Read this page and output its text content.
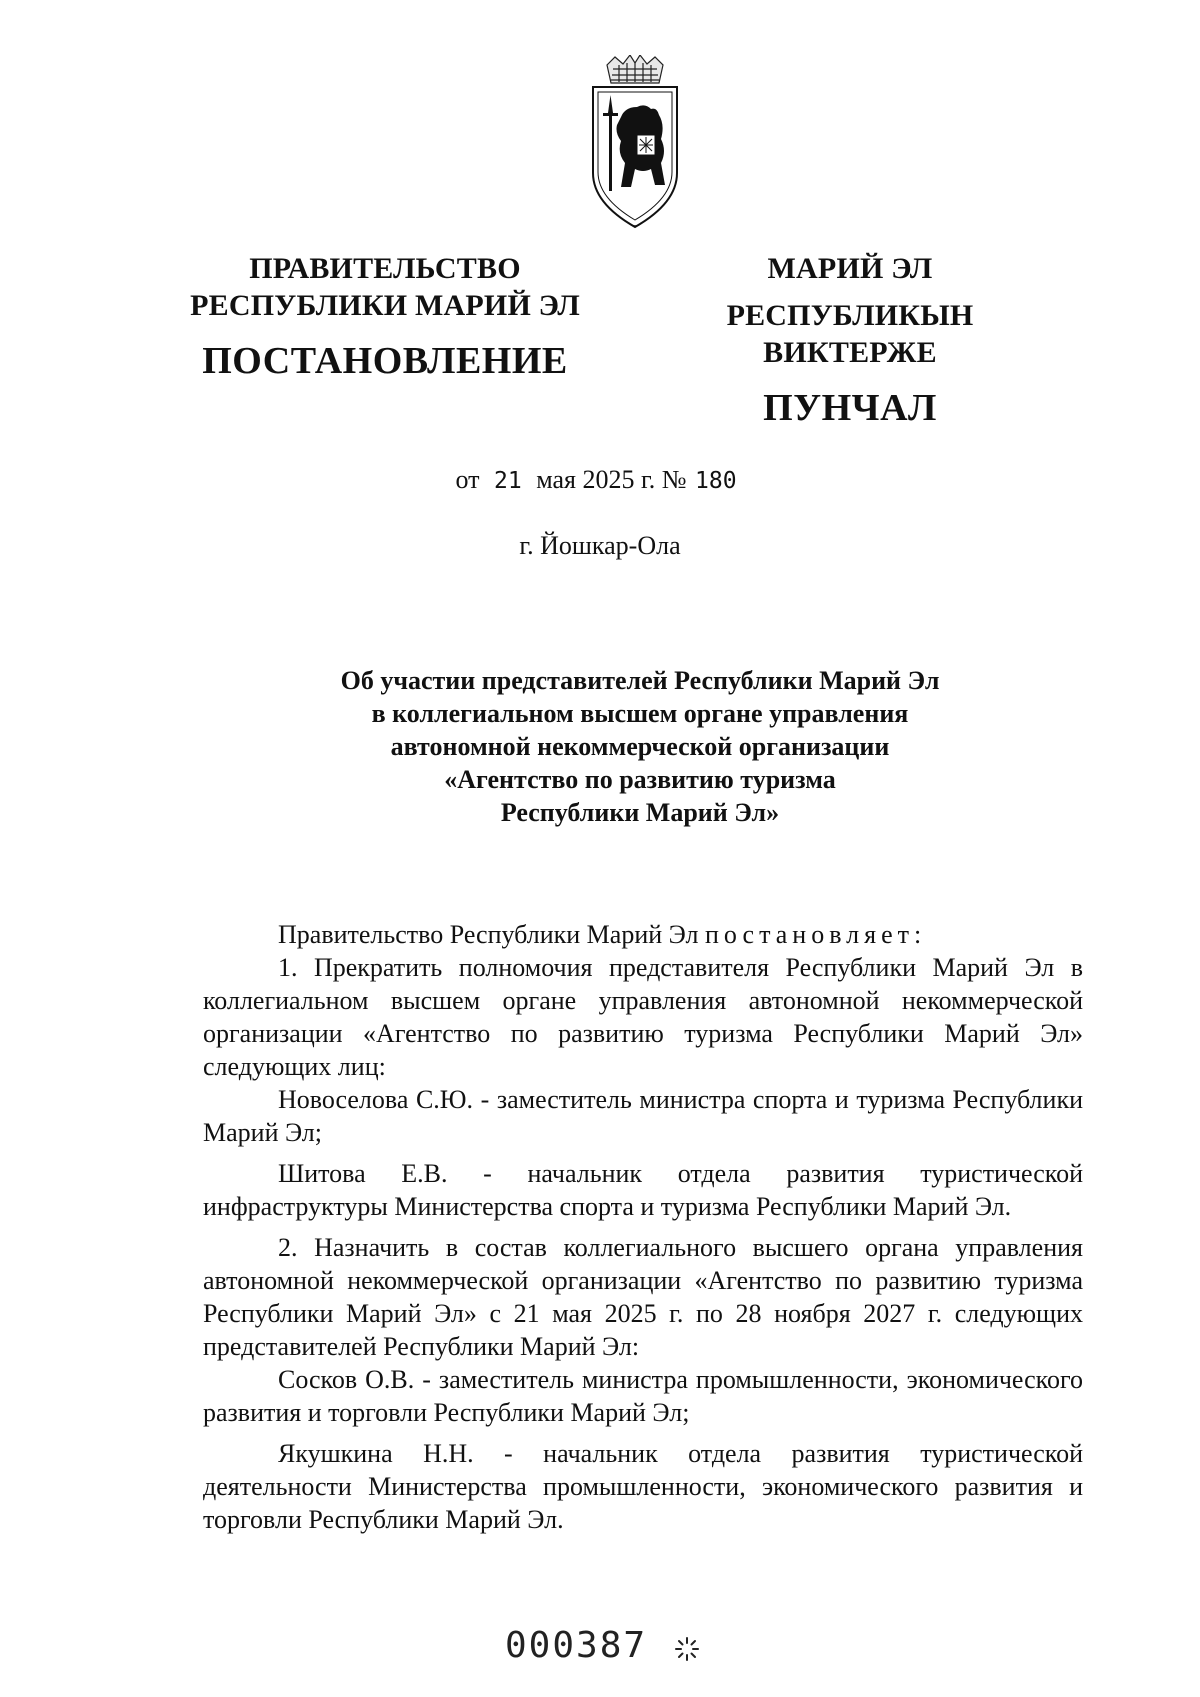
ПРАВИТЕЛЬСТВО
РЕСПУБЛИКИ МАРИЙ ЭЛ
ПОСТАНОВЛЕНИЕ
МАРИЙ ЭЛ РЕСПУБЛИКЫН
ВИКТЕРЖЕ
ПУНЧАЛ
от 21 мая 2025 г. № 180
г. Йошкар-Ола
Об участии представителей Республики Марий Эл
в коллегиальном высшем органе управления
автономной некоммерческой организации
«Агентство по развитию туризма
Республики Марий Эл»

Правительство Республики Марий Эл постановляет:

1. Прекратить полномочия представителя Республики Марий Эл в коллегиальном высшем органе управления автономной некоммерческой организации «Агентство по развитию туризма Республики Марий Эл» следующих лиц:

Новоселова С.Ю. - заместитель министра спорта и туризма Республики Марий Эл;

Шитова Е.В. - начальник отдела развития туристической инфраструктуры Министерства спорта и туризма Республики Марий Эл.

2. Назначить в состав коллегиального высшего органа управления автономной некоммерческой организации «Агентство по развитию туризма Республики Марий Эл» с 21 мая 2025 г. по 28 ноября 2027 г. следующих представителей Республики Марий Эл:

Сосков О.В. - заместитель министра промышленности, экономического развития и торговли Республики Марий Эл;

Якушкина Н.Н. - начальник отдела развития туристической деятельности Министерства промышленности, экономического развития и торговли Республики Марий Эл.

000387
